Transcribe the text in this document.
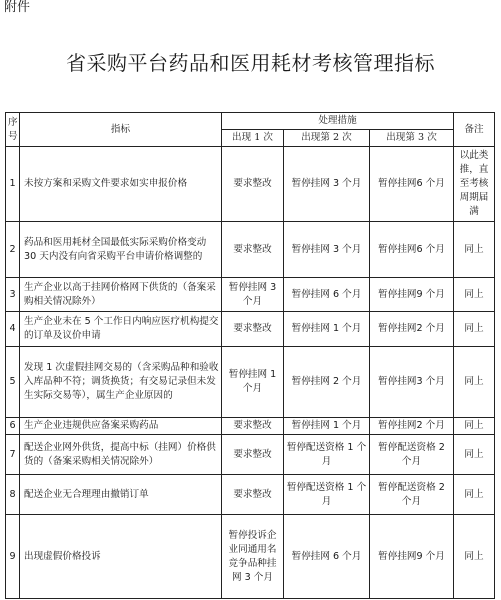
附件
省采购平台药品和医用耗材考核管理指标
序号	指标	处理措施			备注
		出现 1 次	出现第 2 次	出现第 3 次	
1	未按方案和采购文件要求如实申报价格	要求整改	暂停挂网 3 个月	暂停挂网6 个月	以此类推，直至考核周期届满
2	药品和医用耗材全国最低实际采购价格变动 30 天内没有向省采购平台申请价格调整的	要求整改	暂停挂网 3 个月	暂停挂网6 个月	同上
3	生产企业以高于挂网价格网下供货的（备案采购相关情况除外）	暂停挂网 3 个月	暂停挂网 6 个月	暂停挂网9 个月	同上
4	生产企业未在 5 个工作日内响应医疗机构提交的订单及议价申请	要求整改	暂停挂网 1 个月	暂停挂网2 个月	同上
5	发现 1 次虚假挂网交易的（含采购品种和验收入库品种不符；调货换货；有交易记录但未发生实际交易等），属生产企业原因的	暂停挂网 1 个月	暂停挂网 2 个月	暂停挂网3 个月	同上
6	生产企业违规供应备案采购药品	要求整改	暂停挂网 1 个月	暂停挂网2 个月	同上
7	配送企业网外供货，提高中标（挂网）价格供货的（备案采购相关情况除外）	要求整改	暂停配送资格 1 个月	暂停配送资格 2 个月	同上
8	配送企业无合理理由撤销订单	要求整改	暂停配送资格 1 个月	暂停配送资格 2 个月	同上
9	出现虚假价格投诉	暂停投诉企业同通用名竞争品种挂网 3 个月	暂停挂网 6 个月	暂停挂网9 个月	同上
